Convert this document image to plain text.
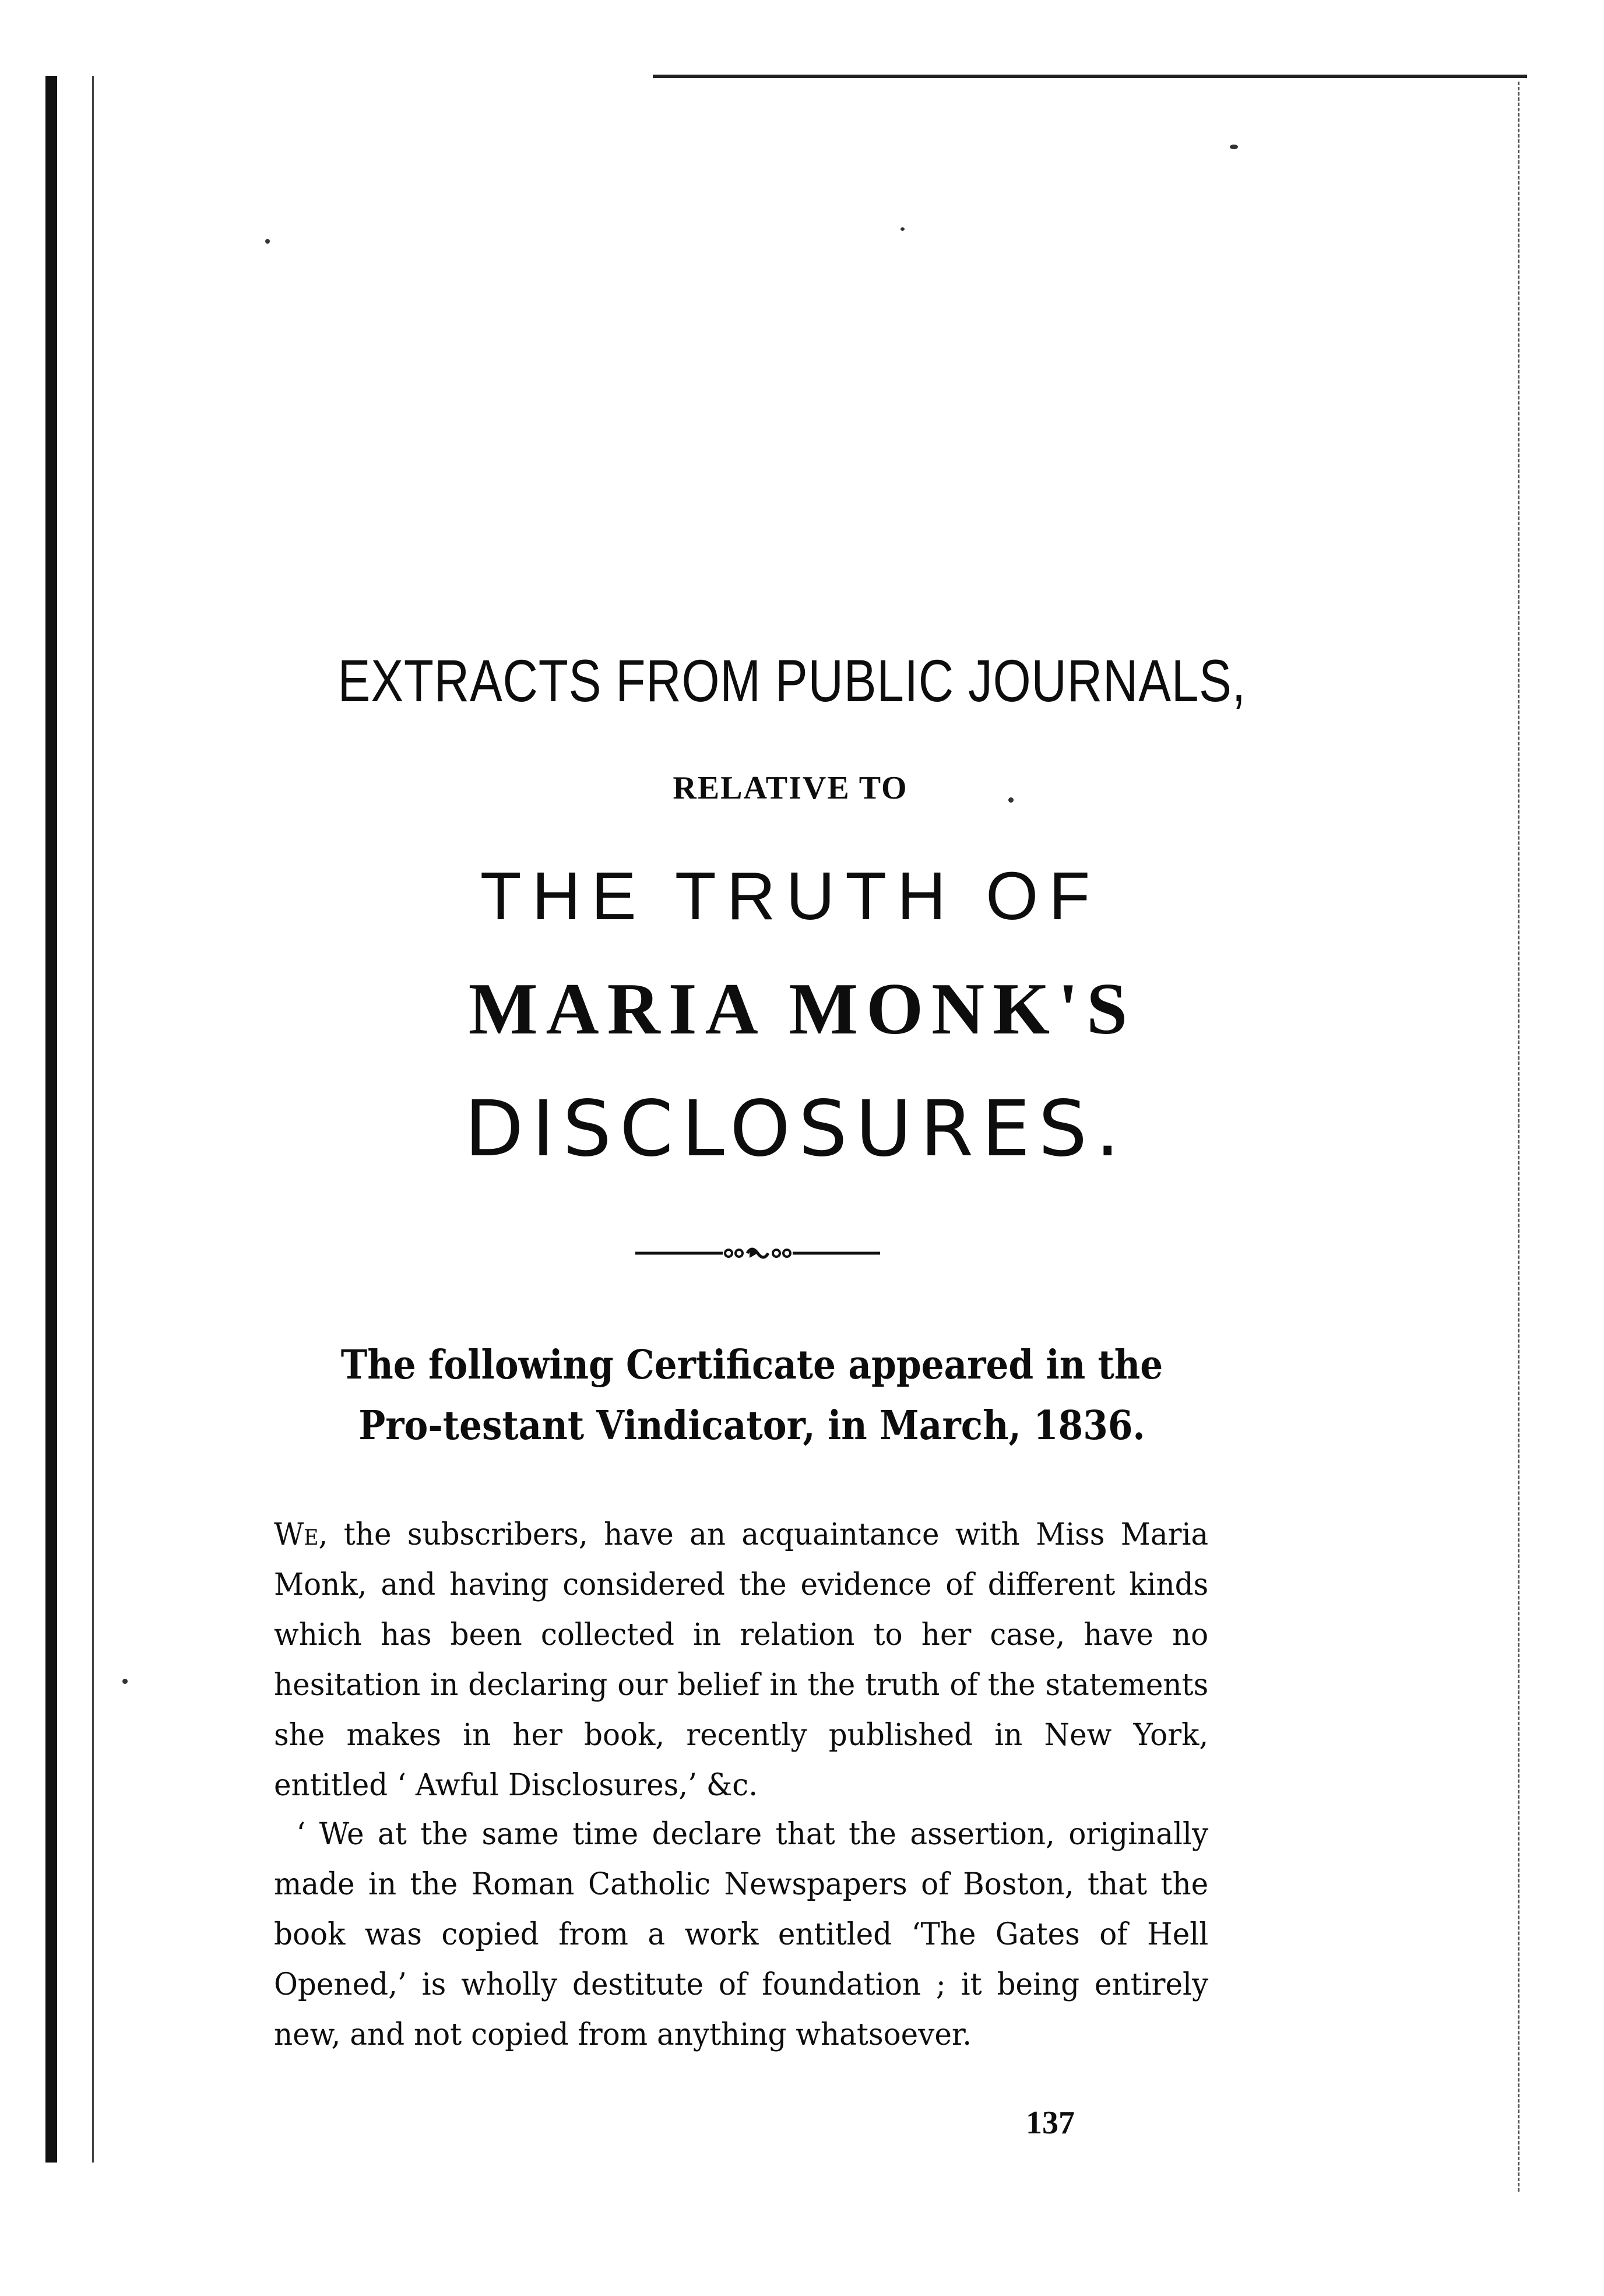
EXTRACTS FROM PUBLIC JOURNALS,
RELATIVE TO
THE TRUTH OF
MARIA MONK'S
DISCLOSURES.
The following Certificate appeared in the Pro-testant Vindicator, in March, 1836.
We, the subscribers, have an acquaintance with Miss Maria Monk, and having considered the evidence of different kinds which has been collected in relation to her case, have no hesitation in declaring our belief in the truth of the statements she makes in her book, recently published in New York, entitled ‘ Awful Disclosures,’ &c.
‘ We at the same time declare that the assertion, originally made in the Roman Catholic Newspapers of Boston, that the book was copied from a work entitled ‘The Gates of Hell Opened,’ is wholly destitute of foundation ; it being entirely new, and not copied from anything whatsoever.
137
